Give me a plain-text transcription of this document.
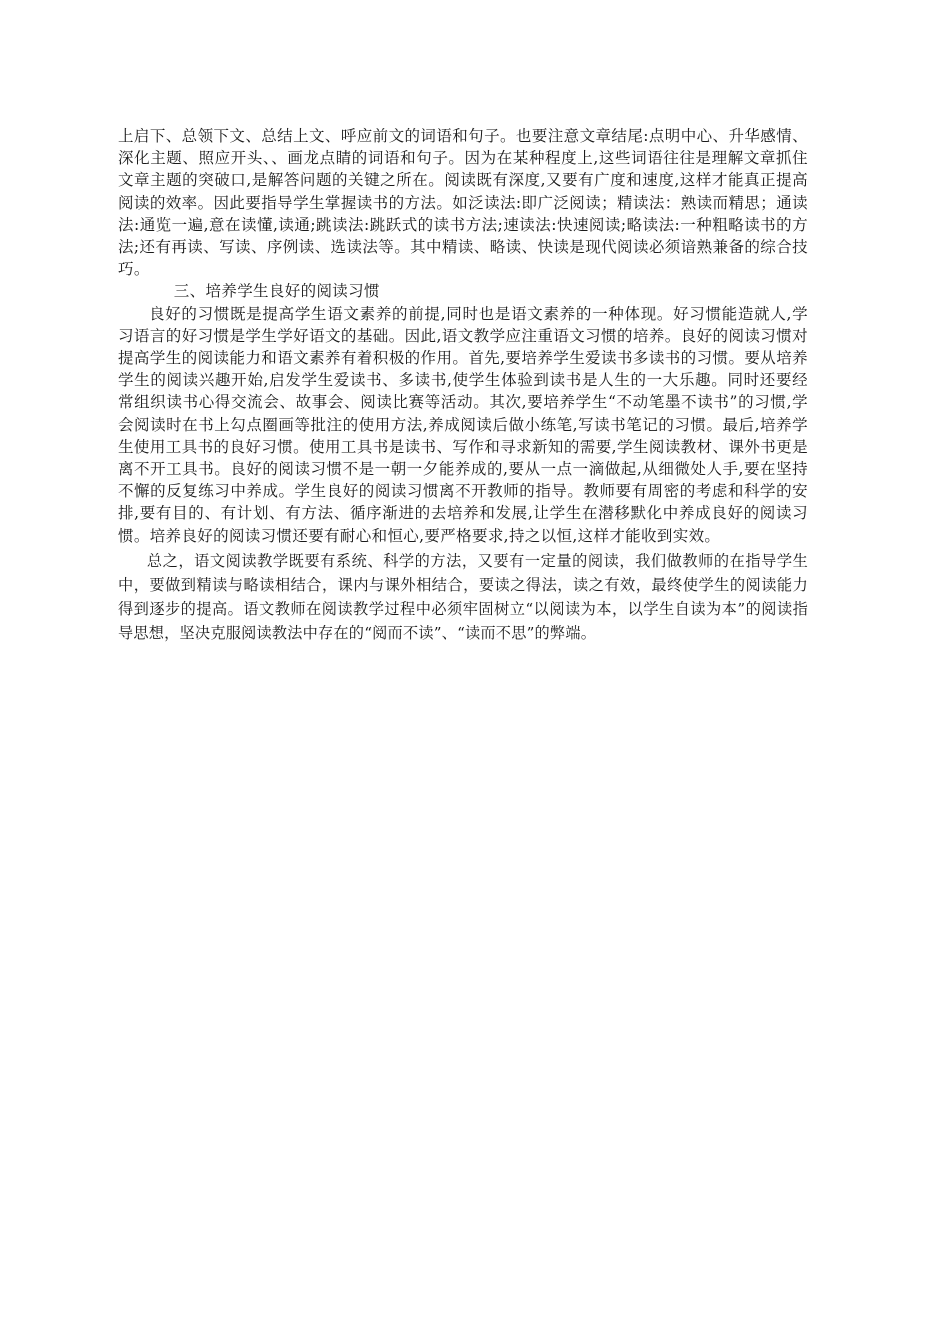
上启下、总领下文、总结上文、呼应前文的词语和句子。也要注意文章结尾:点明中心、升华感情、深化主题、照应开头、、画龙点睛的词语和句子。因为在某种程度上,这些词语往往是理解文章抓住文章主题的突破口,是解答问题的关键之所在。阅读既有深度,又要有广度和速度,这样才能真正提高阅读的效率。因此要指导学生掌握读书的方法。如泛读法:即广泛阅读；精读法：熟读而精思；通读法:通览一遍,意在读懂,读通;跳读法:跳跃式的读书方法;速读法:快速阅读;略读法:一种粗略读书的方法;还有再读、写读、序例读、选读法等。其中精读、略读、快读是现代阅读必须谙熟兼备的综合技巧。

三、培养学生良好的阅读习惯

良好的习惯既是提高学生语文素养的前提,同时也是语文素养的一种体现。好习惯能造就人,学习语言的好习惯是学生学好语文的基础。因此,语文教学应注重语文习惯的培养。良好的阅读习惯对提高学生的阅读能力和语文素养有着积极的作用。首先,要培养学生爱读书多读书的习惯。要从培养学生的阅读兴趣开始,启发学生爱读书、多读书,使学生体验到读书是人生的一大乐趣。同时还要经常组织读书心得交流会、故事会、阅读比赛等活动。其次,要培养学生“不动笔墨不读书”的习惯,学会阅读时在书上勾点圈画等批注的使用方法,养成阅读后做小练笔,写读书笔记的习惯。最后,培养学生使用工具书的良好习惯。使用工具书是读书、写作和寻求新知的需要,学生阅读教材、课外书更是离不开工具书。良好的阅读习惯不是一朝一夕能养成的,要从一点一滴做起,从细微处人手,要在坚持不懈的反复练习中养成。学生良好的阅读习惯离不开教师的指导。教师要有周密的考虑和科学的安排,要有目的、有计划、有方法、循序渐进的去培养和发展,让学生在潜移默化中养成良好的阅读习惯。培养良好的阅读习惯还要有耐心和恒心,要严格要求,持之以恒,这样才能收到实效。

总之，语文阅读教学既要有系统、科学的方法，又要有一定量的阅读，我们做教师的在指导学生中，要做到精读与略读相结合，课内与课外相结合，要读之得法，读之有效，最终使学生的阅读能力得到逐步的提高。语文教师在阅读教学过程中必须牢固树立“以阅读为本，以学生自读为本”的阅读指导思想，坚决克服阅读教法中存在的“阅而不读”、“读而不思”的弊端。
